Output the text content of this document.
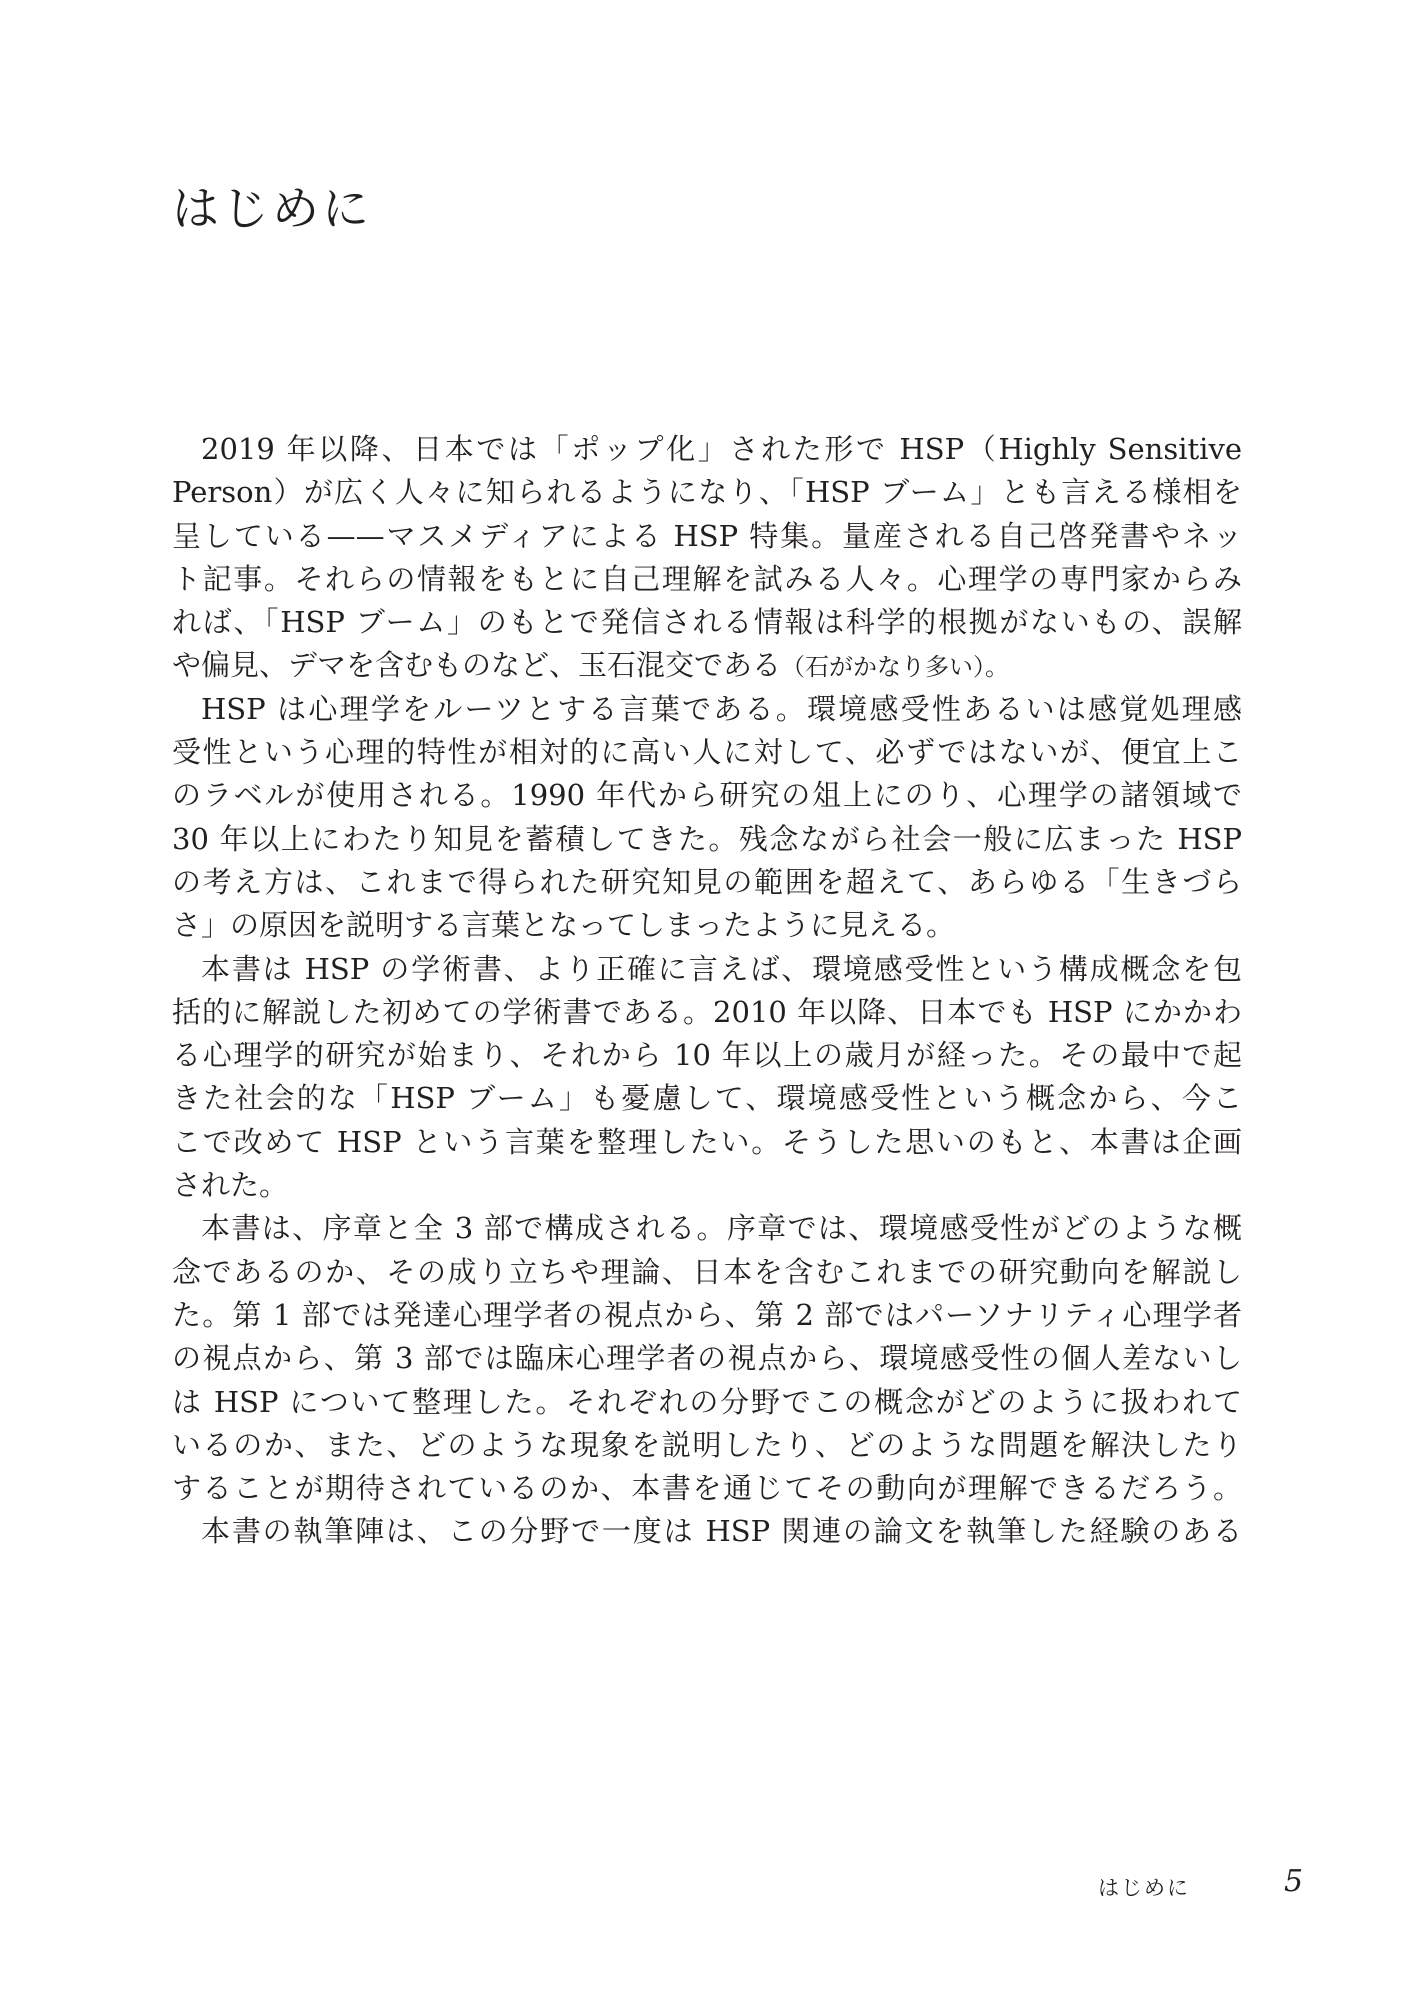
はじめに
2019 年以降、日本では「ポップ化」された形で HSP（Highly Sensitive
Person）が広く人々に知られるようになり、「HSP ブーム」とも言える様相を
呈している——マスメディアによる HSP 特集。量産される自己啓発書やネッ
ト記事。それらの情報をもとに自己理解を試みる人々。心理学の専門家からみ
れば、「HSP ブーム」のもとで発信される情報は科学的根拠がないもの、誤解
や偏見、デマを含むものなど、玉石混交である（石がかなり多い）。
HSP は心理学をルーツとする言葉である。環境感受性あるいは感覚処理感
受性という心理的特性が相対的に高い人に対して、必ずではないが、便宜上こ
のラベルが使用される。1990 年代から研究の俎上にのり、心理学の諸領域で
30 年以上にわたり知見を蓄積してきた。残念ながら社会一般に広まった HSP
の考え方は、これまで得られた研究知見の範囲を超えて、あらゆる「生きづら
さ」の原因を説明する言葉となってしまったように見える。
本書は HSP の学術書、より正確に言えば、環境感受性という構成概念を包
括的に解説した初めての学術書である。2010 年以降、日本でも HSP にかかわ
る心理学的研究が始まり、それから 10 年以上の歳月が経った。その最中で起
きた社会的な「HSP ブーム」も憂慮して、環境感受性という概念から、今こ
こで改めて HSP という言葉を整理したい。そうした思いのもと、本書は企画
された。
本書は、序章と全 3 部で構成される。序章では、環境感受性がどのような概
念であるのか、その成り立ちや理論、日本を含むこれまでの研究動向を解説し
た。第 1 部では発達心理学者の視点から、第 2 部ではパーソナリティ心理学者
の視点から、第 3 部では臨床心理学者の視点から、環境感受性の個人差ないし
は HSP について整理した。それぞれの分野でこの概念がどのように扱われて
いるのか、また、どのような現象を説明したり、どのような問題を解決したり
することが期待されているのか、本書を通じてその動向が理解できるだろう。
本書の執筆陣は、この分野で一度は HSP 関連の論文を執筆した経験のある
はじめに	5
